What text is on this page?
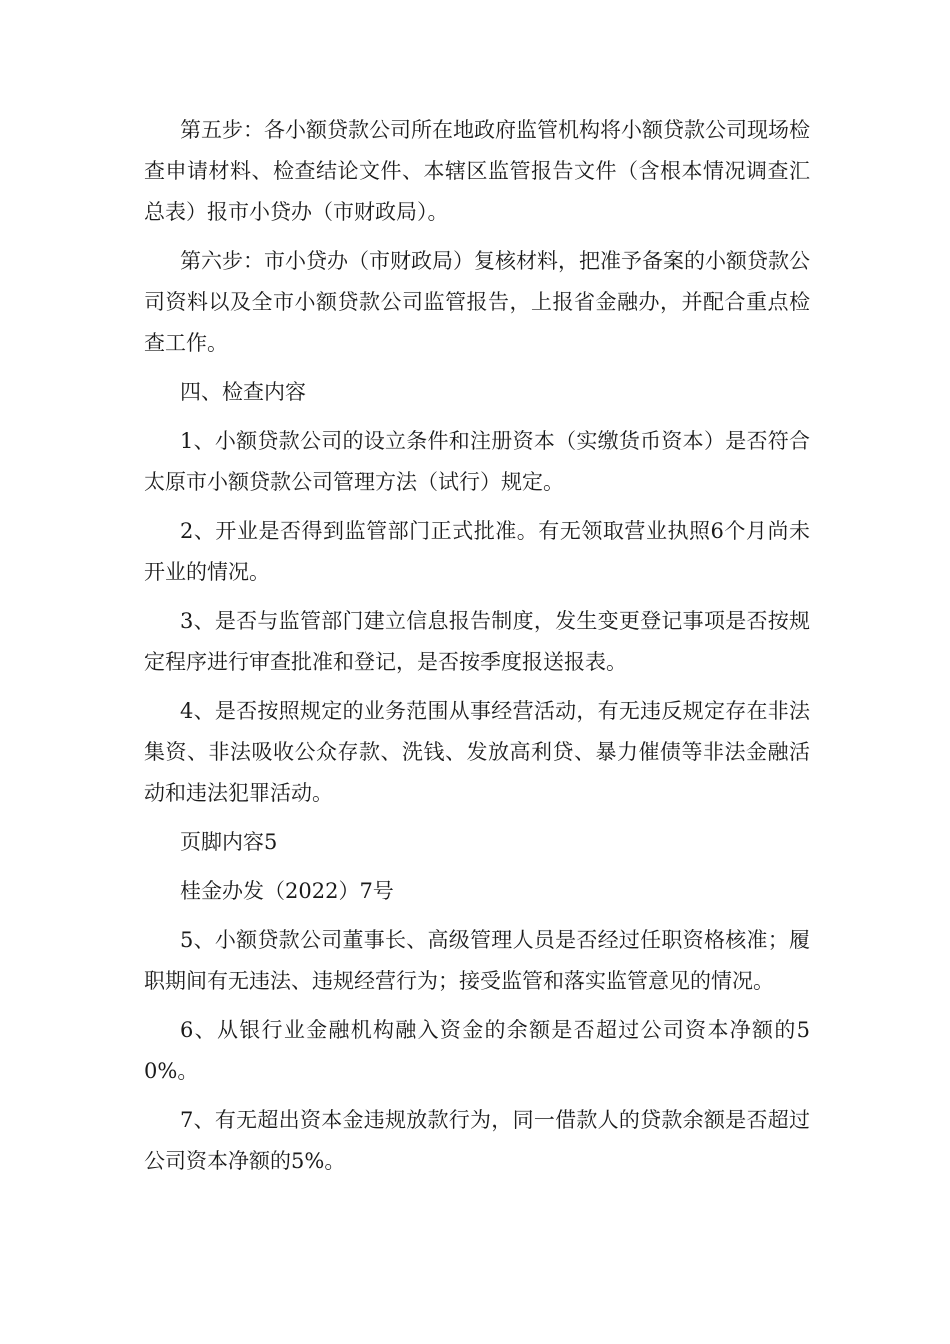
第五步：各小额贷款公司所在地政府监管机构将小额贷款公司现场检查申请材料、检查结论文件、本辖区监管报告文件（含根本情况调查汇总表）报市小贷办（市财政局）。

第六步：市小贷办（市财政局）复核材料，把准予备案的小额贷款公司资料以及全市小额贷款公司监管报告，上报省金融办，并配合重点检查工作。

四、检查内容

1、小额贷款公司的设立条件和注册资本（实缴货币资本）是否符合太原市小额贷款公司管理方法（试行）规定。

2、开业是否得到监管部门正式批准。有无领取营业执照6个月尚未开业的情况。

3、是否与监管部门建立信息报告制度，发生变更登记事项是否按规定程序进行审查批准和登记，是否按季度报送报表。

4、是否按照规定的业务范围从事经营活动，有无违反规定存在非法集资、非法吸收公众存款、洗钱、发放高利贷、暴力催债等非法金融活动和违法犯罪活动。

页脚内容5

桂金办发（2022）7号

5、小额贷款公司董事长、高级管理人员是否经过任职资格核准；履职期间有无违法、违规经营行为；接受监管和落实监管意见的情况。

6、从银行业金融机构融入资金的余额是否超过公司资本净额的50%。

7、有无超出资本金违规放款行为，同一借款人的贷款余额是否超过公司资本净额的5%。
